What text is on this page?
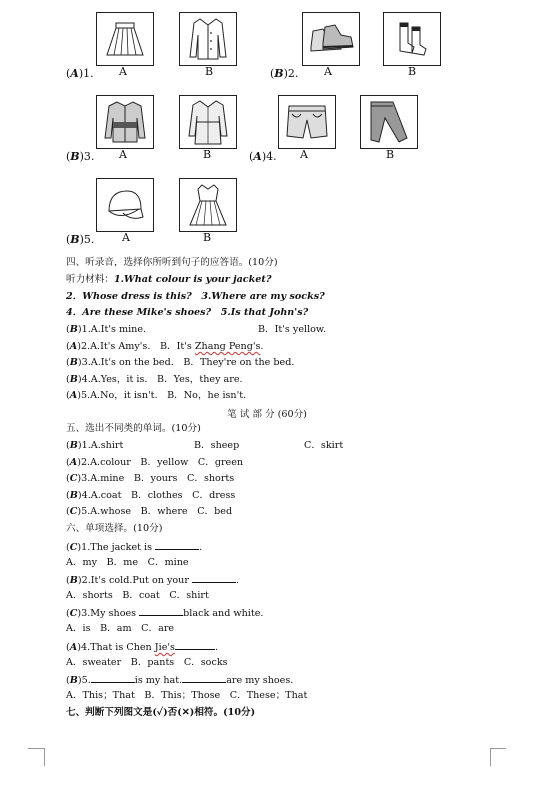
(A)1. A	B	(B)2. A	B
(B)3. A	B	(A)4. A	B
(B)5.	A	B
四、听录音，选择你所听到句子的应答语。(10分)
听力材料：1.What colour is your jacket?
2．Whose dress is this?　3.Where are my socks?
4．Are these Mike's shoes?　5.Is that John's?
(B)1.A.It's mine.	B．It's yellow.
(A)2.A.It's Amy's.　B．It's Zhang Peng's.
(B)3.A.It's on the bed.　B．They're on the bed.
(B)4.A.Yes，it is.　B．Yes，they are.
(A)5.A.No，it isn't.　B．No，he isn't.
笔 试 部 分 (60分)
五、选出不同类的单词。(10分)
(B)1.A.shirt	B．sheep	C．skirt
(A)2.A.colour　B．yellow　C．green
(C)3.A.mine　B．yours　C．shorts
(B)4.A.coat　B．clothes　C．dress
(C)5.A.whose　B．where　C．bed
六、单项选择。(10分)
(C)1.The jacket is	.
A．my　B．me　C．mine
(B)2.It's cold.Put on your	.
A．shorts　B．coat　C．shirt
(C)3.My shoes	black and white.
A．is　B．am　C．are
(A)4.That is Chen Jie's	.
A．sweater　B．pants　C．socks
(B)5.	is my hat.	are my shoes.
A．This；That　B．This；Those　C．These；That
七、判断下列图文是(✓)否(✕)相符。(10分)
